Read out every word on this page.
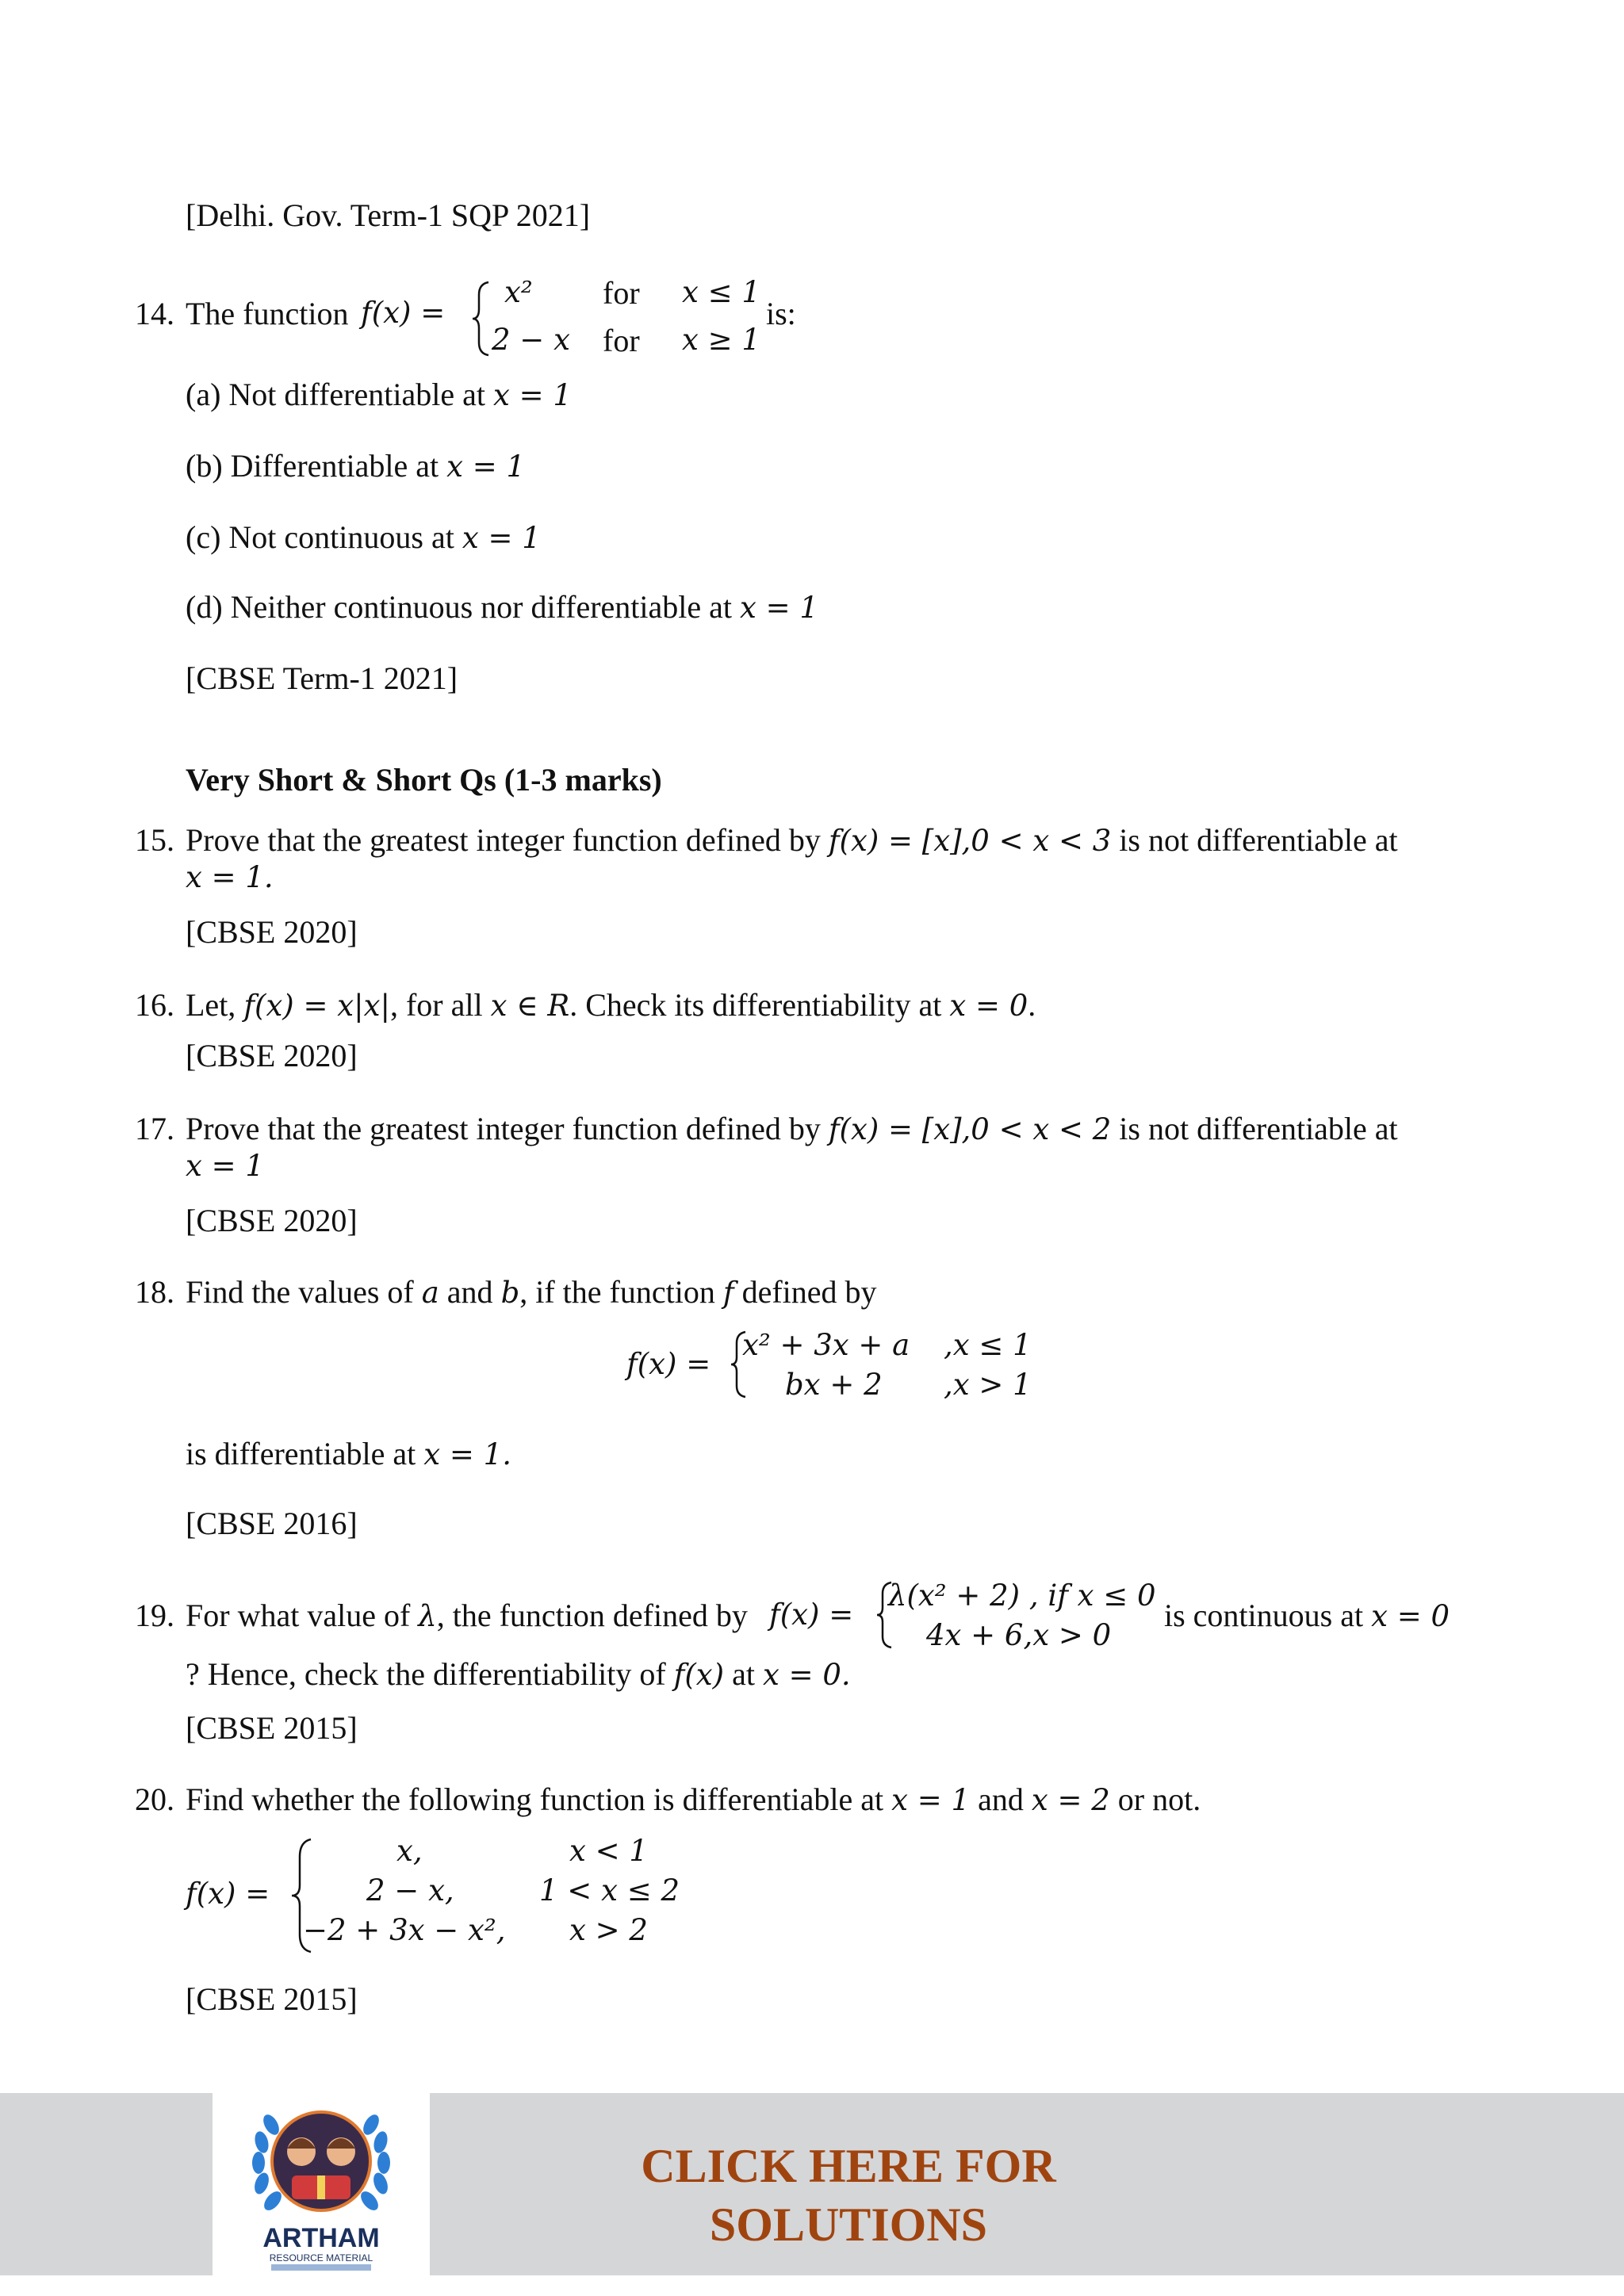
[Delhi. Gov. Term-1 SQP 2021]
14. The function f(x) =
x² for x ≤ 1
2 − x for x ≥ 1
is:
(a) Not differentiable at x = 1
(b) Differentiable at x = 1
(c) Not continuous at x = 1
(d) Neither continuous nor differentiable at x = 1
[CBSE Term-1 2021]
Very Short & Short Qs (1-3 marks)
15. Prove that the greatest integer function defined by f(x) = [x],0 < x < 3 is not differentiable at
x = 1.
[CBSE 2020]
16. Let, f(x) = x|x|, for all x ∈ R. Check its differentiability at x = 0.
[CBSE 2020]
17. Prove that the greatest integer function defined by f(x) = [x],0 < x < 2 is not differentiable at
x = 1
[CBSE 2020]
18. Find the values of a and b, if the function f defined by
f(x) =
x² + 3x + a ,x ≤ 1
bx + 2 ,x > 1
is differentiable at x = 1.
[CBSE 2016]
19. For what value of λ, the function defined by f(x) =
λ(x² + 2) , if x ≤ 0
4x + 6,x > 0
is continuous at x = 0
? Hence, check the differentiability of f(x) at x = 0.
[CBSE 2015]
20. Find whether the following function is differentiable at x = 1 and x = 2 or not.
f(x) =
x,
2 − x,
−2 + 3x − x²,
x < 1
1 < x ≤ 2
x > 2
[CBSE 2015]
ARTHAM
RESOURCE MATERIAL
CLICK HERE FOR
SOLUTIONS
